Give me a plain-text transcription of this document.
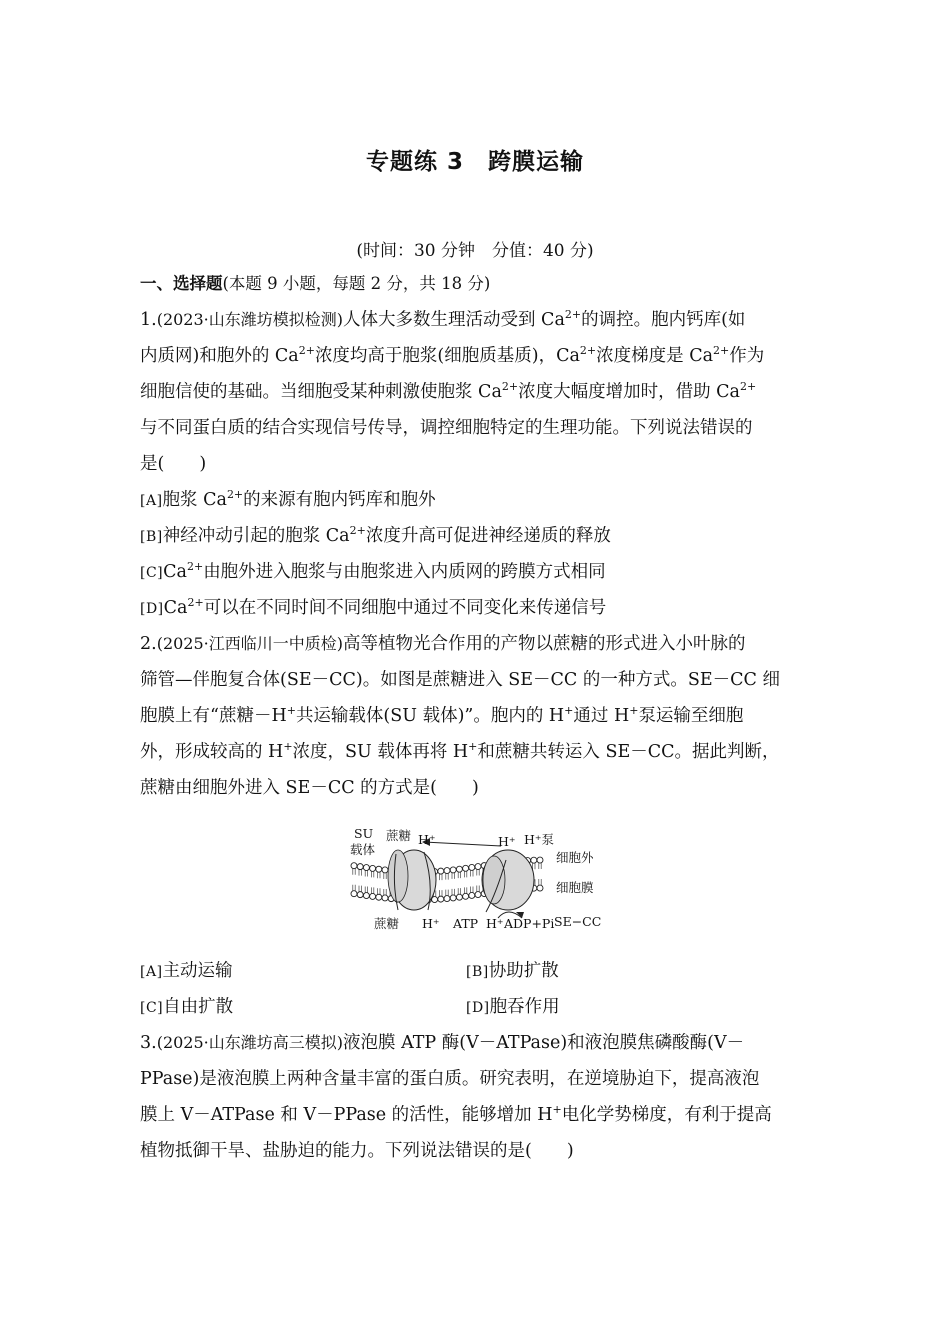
专题练 3　跨膜运输
(时间：30 分钟　分值：40 分)
一、选择题(本题 9 小题，每题 2 分，共 18 分)
1.(2023·山东潍坊模拟检测)人体大多数生理活动受到 $Ca^{2+}$的调控。胞内钙库(如
内质网)和胞外的 $Ca^{2+}$浓度均高于胞浆(细胞质基质)，$Ca^{2+}$浓度梯度是 $Ca^{2+}$作为
细胞信使的基础。当细胞受某种刺激使胞浆 $Ca^{2+}$浓度大幅度增加时，借助 $Ca^{2+}$
与不同蛋白质的结合实现信号传导，调控细胞特定的生理功能。下列说法错误的
是(　　)
[A]胞浆 $Ca^{2+}$的来源有胞内钙库和胞外
[B]神经冲动引起的胞浆 $Ca^{2+}$浓度升高可促进神经递质的释放
$[C]Ca^{2+}$由胞外进入胞浆与由胞浆进入内质网的跨膜方式相同
$[D]Ca^{2+}$可以在不同时间不同细胞中通过不同变化来传递信号
2.(2025·江西临川一中质检)高等植物光合作用的产物以蔗糖的形式进入小叶脉的
筛管—伴胞复合体(SE－CC)。如图是蔗糖进入 SE－CC 的一种方式。SE－CC 细
胞膜上有“蔗糖－H+共运输载体(SU 载体)”。胞内的 H+通过 H+泵运输至细胞
外，形成较高的 H+浓度，SU 载体再将 H+和蔗糖共转运入 SE－CC。据此判断，
蔗糖由细胞外进入 SE－CC 的方式是(　　)
SU
载体
蔗糖 H⁺	H⁺ H⁺泵
细胞外
细胞膜
蔗糖 H⁺ ATP H⁺ ADP+Pi SE−CC
[A]主动运输	[B]协助扩散
[C]自由扩散	[D]胞吞作用
3.(2025·山东潍坊高三模拟)液泡膜 ATP 酶(V－ATPase)和液泡膜焦磷酸酶(V－
PPase)是液泡膜上两种含量丰富的蛋白质。研究表明，在逆境胁迫下，提高液泡
膜上 V－ATPase 和 V－PPase 的活性，能够增加 H+电化学势梯度，有利于提高
植物抵御干旱、盐胁迫的能力。下列说法错误的是(　　)
